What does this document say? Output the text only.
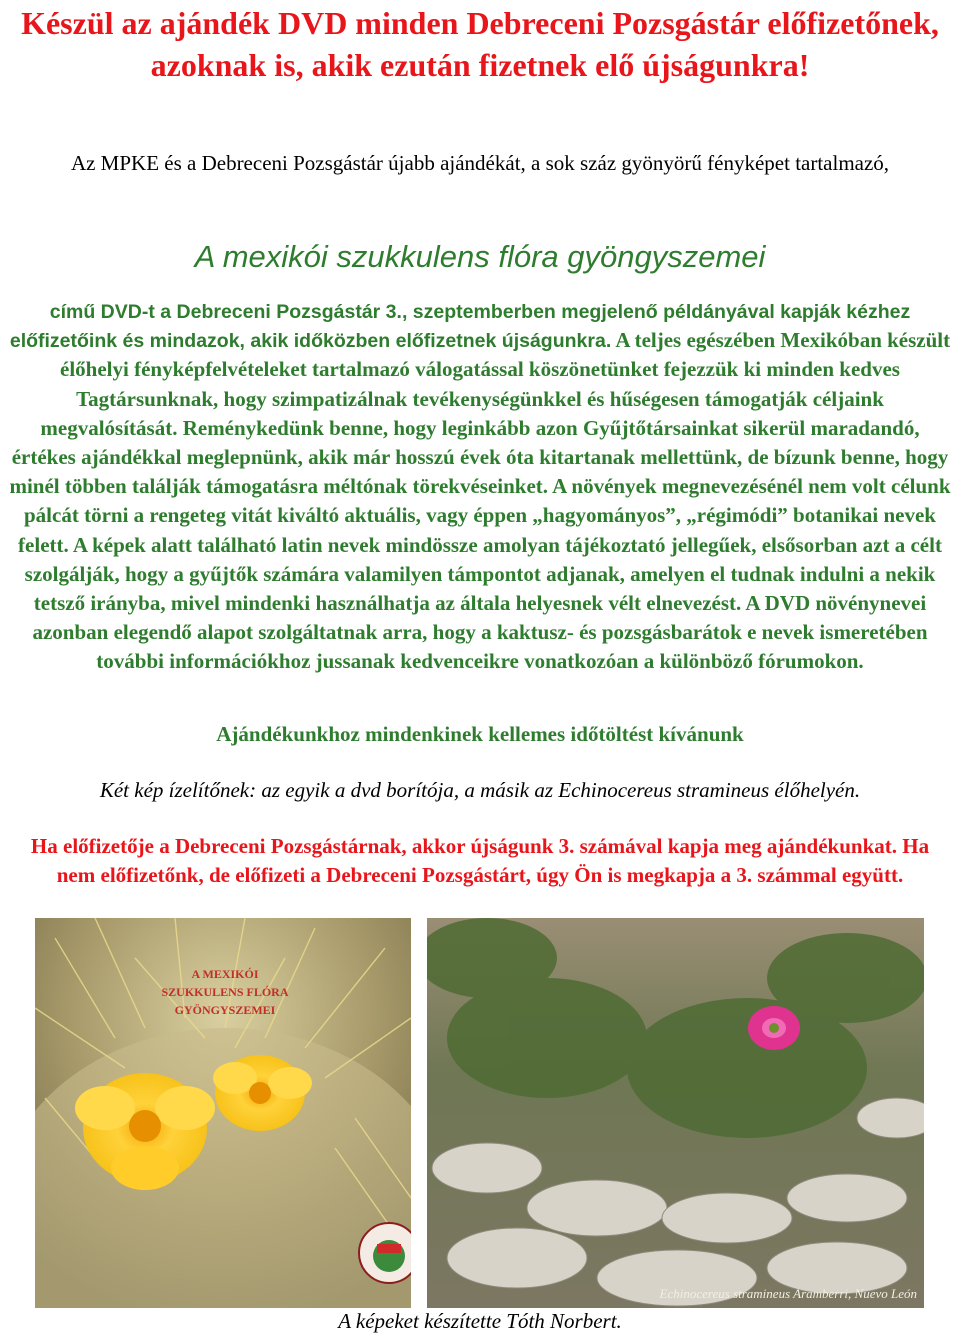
Készül az ajándék DVD minden Debreceni Pozsgástár előfizetőnek, azoknak is, akik ezután fizetnek elő újságunkra!

Az MPKE és a Debreceni Pozsgástár újabb ajándékát, a sok száz gyönyörű fényképet tartalmazó,

A mexikói szukkulens flóra gyöngyszemei

című DVD-t a Debreceni Pozsgástár 3., szeptemberben megjelenő példányával kapják kézhez előfizetőink és mindazok, akik időközben előfizetnek újságunkra. A teljes egészében Mexikóban készült élőhelyi fényképfelvételeket tartalmazó válogatással köszönetünket fejezzük ki minden kedves Tagtársunknak, hogy szimpatizálnak tevékenységünkkel és hűségesen támogatják céljaink megvalósítását. Reménykedünk benne, hogy leginkább azon Gyűjtőtársainkat sikerül maradandó, értékes ajándékkal meglepnünk, akik már hosszú évek óta kitartanak mellettünk, de bízunk benne, hogy minél többen találják támogatásra méltónak törekvéseinket. A növények megnevezésénél nem volt célunk pálcát törni a rengeteg vitát kiváltó aktuális, vagy éppen „hagyományos”, „régimódi” botanikai nevek felett. A képek alatt található latin nevek mindössze amolyan tájékoztató jellegűek, elsősorban azt a célt szolgálják, hogy a gyűjtők számára valamilyen támpontot adjanak, amelyen el tudnak indulni a nekik tetsző irányba, mivel mindenki használhatja az általa helyesnek vélt elnevezést. A DVD növénynevei azonban elegendő alapot szolgáltatnak arra, hogy a kaktusz- és pozsgásbarátok e nevek ismeretében további információkhoz jussanak kedvenceikre vonatkozóan a különböző fórumokon.

Ajándékunkhoz mindenkinek kellemes időtöltést kívánunk

Két kép ízelítőnek: az egyik a dvd borítója, a másik az Echinocereus stramineus élőhelyén.

Ha előfizetője a Debreceni Pozsgástárnak, akkor újságunk 3. számával kapja meg ajándékunkat. Ha nem előfizetőnk, de előfizeti a Debreceni Pozsgástárt, úgy Ön is megkapja a 3. számmal együtt.

A MEXIKÓI
SZUKKULENS FLÓRA
GYÖNGYSZEMEI
Echinocereus stramineus Aramberri, Nuevo León

A képeket készítette Tóth Norbert.
